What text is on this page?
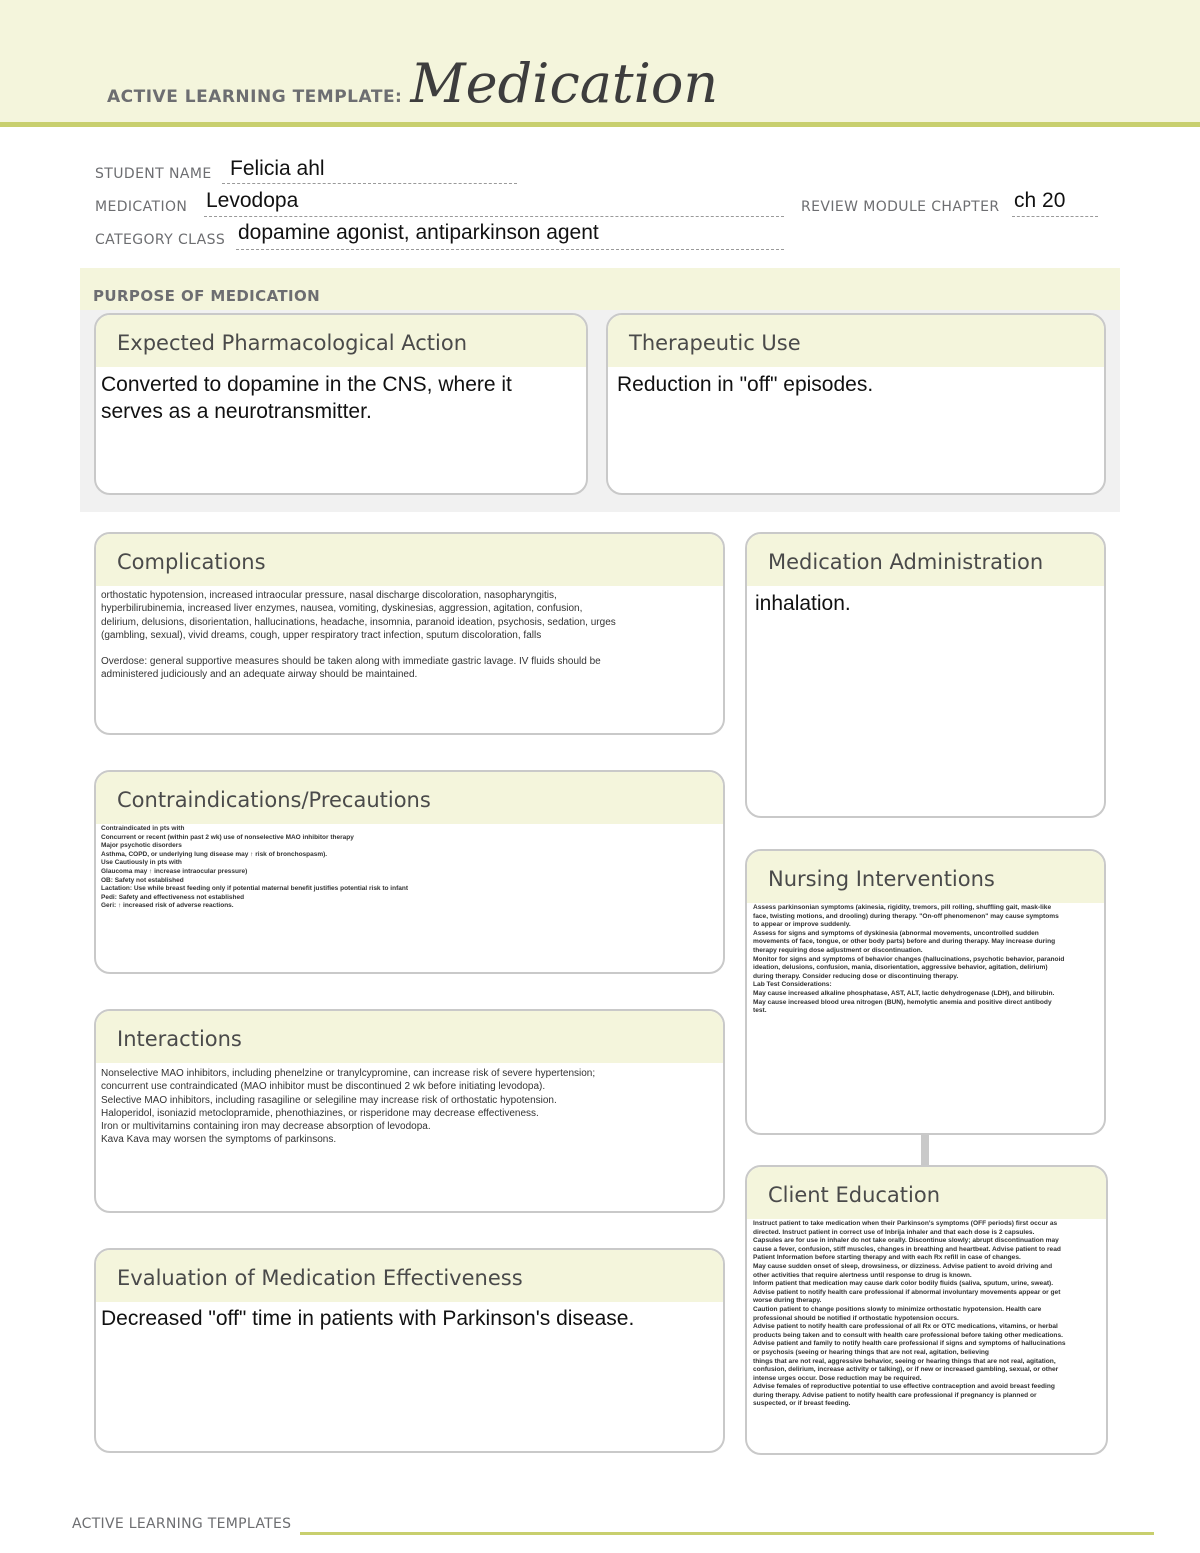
ACTIVE LEARNING TEMPLATE: Medication
STUDENT NAME Felicia ahl
MEDICATION Levodopa	REVIEW MODULE CHAPTER ch 20
CATEGORY CLASS dopamine agonist, antiparkinson agent
PURPOSE OF MEDICATION
Expected Pharmacological Action
Converted to dopamine in the CNS, where it
serves as a neurotransmitter.
Therapeutic Use
Reduction in "off" episodes.
Complications
orthostatic hypotension, increased intraocular pressure, nasal discharge discoloration, nasopharyngitis,
hyperbilirubinemia, increased liver enzymes, nausea, vomiting, dyskinesias, aggression, agitation, confusion,
delirium, delusions, disorientation, hallucinations, headache, insomnia, paranoid ideation, psychosis, sedation, urges
(gambling, sexual), vivid dreams, cough, upper respiratory tract infection, sputum discoloration, falls
Overdose: general supportive measures should be taken along with immediate gastric lavage. IV fluids should be
administered judiciously and an adequate airway should be maintained.
Medication Administration
inhalation.
Contraindications/Precautions
Contraindicated in pts with
Concurrent or recent (within past 2 wk) use of nonselective MAO inhibitor therapy
Major psychotic disorders
Asthma, COPD, or underlying lung disease may ↑ risk of bronchospasm).
Use Cautiously in pts with
Glaucoma may ↑ increase intraocular pressure)
OB: Safety not established
Lactation: Use while breast feeding only if potential maternal benefit justifies potential risk to infant
Pedi: Safety and effectiveness not established
Geri: ↑ increased risk of adverse reactions.
Nursing Interventions
Assess parkinsonian symptoms (akinesia, rigidity, tremors, pill rolling, shuffling gait, mask-like
face, twisting motions, and drooling) during therapy. "On-off phenomenon" may cause symptoms
to appear or improve suddenly.
Assess for signs and symptoms of dyskinesia (abnormal movements, uncontrolled sudden
movements of face, tongue, or other body parts) before and during therapy. May increase during
therapy requiring dose adjustment or discontinuation.
Monitor for signs and symptoms of behavior changes (hallucinations, psychotic behavior, paranoid
ideation, delusions, confusion, mania, disorientation, aggressive behavior, agitation, delirium)
during therapy. Consider reducing dose or discontinuing therapy.
Lab Test Considerations:
May cause increased alkaline phosphatase, AST, ALT, lactic dehydrogenase (LDH), and bilirubin.
May cause increased blood urea nitrogen (BUN), hemolytic anemia and positive direct antibody
test.
Interactions
Nonselective MAO inhibitors, including phenelzine or tranylcypromine, can increase risk of severe hypertension;
concurrent use contraindicated (MAO inhibitor must be discontinued 2 wk before initiating levodopa).
Selective MAO inhibitors, including rasagiline or selegiline may increase risk of orthostatic hypotension.
Haloperidol, isoniazid metoclopramide, phenothiazines, or risperidone may decrease effectiveness.
Iron or multivitamins containing iron may decrease absorption of levodopa.
Kava Kava may worsen the symptoms of parkinsons.
Client Education
Instruct patient to take medication when their Parkinson's symptoms (OFF periods) first occur as
directed. Instruct patient in correct use of Inbrija inhaler and that each dose is 2 capsules.
Capsules are for use in inhaler do not take orally. Discontinue slowly; abrupt discontinuation may
cause a fever, confusion, stiff muscles, changes in breathing and heartbeat. Advise patient to read
Patient Information before starting therapy and with each Rx refill in case of changes.
May cause sudden onset of sleep, drowsiness, or dizziness. Advise patient to avoid driving and
other activities that require alertness until response to drug is known.
Inform patient that medication may cause dark color bodily fluids (saliva, sputum, urine, sweat).
Advise patient to notify health care professional if abnormal involuntary movements appear or get
worse during therapy.
Caution patient to change positions slowly to minimize orthostatic hypotension. Health care
professional should be notified if orthostatic hypotension occurs.
Advise patient to notify health care professional of all Rx or OTC medications, vitamins, or herbal
products being taken and to consult with health care professional before taking other medications.
Advise patient and family to notify health care professional if signs and symptoms of hallucinations
or psychosis (seeing or hearing things that are not real, agitation, believing
things that are not real, aggressive behavior, seeing or hearing things that are not real, agitation,
confusion, delirium, increase activity or talking), or if new or increased gambling, sexual, or other
intense urges occur. Dose reduction may be required.
Advise females of reproductive potential to use effective contraception and avoid breast feeding
during therapy. Advise patient to notify health care professional if pregnancy is planned or
suspected, or if breast feeding.
Evaluation of Medication Effectiveness
Decreased "off" time in patients with Parkinson's disease.
ACTIVE LEARNING TEMPLATES
